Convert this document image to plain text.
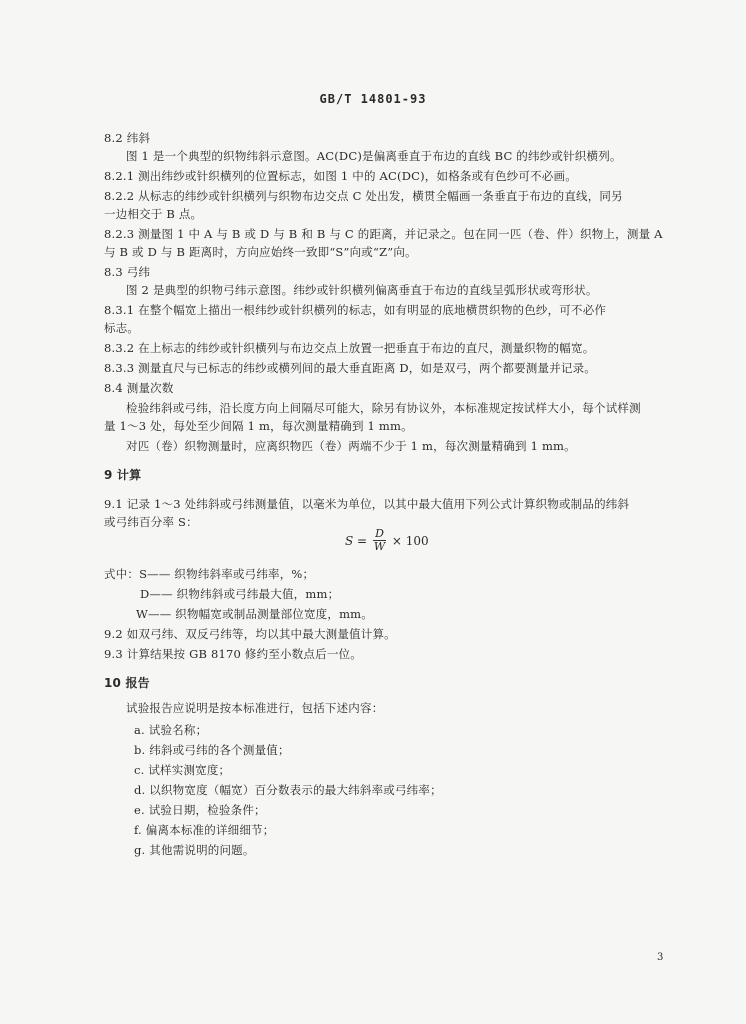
GB/T 14801-93
8.2 纬斜
图 1 是一个典型的织物纬斜示意图。AC(DC)是偏离垂直于布边的直线 BC 的纬纱或针织横列。
8.2.1 测出纬纱或针织横列的位置标志，如图 1 中的 AC(DC)，如格条或有色纱可不必画。
8.2.2 从标志的纬纱或针织横列与织物布边交点 C 处出发，横贯全幅画一条垂直于布边的直线，同另
一边相交于 B 点。
8.2.3 测量图 1 中 A 与 B 或 D 与 B 和 B 与 C 的距离，并记录之。包在同一匹（卷、件）织物上，测量 A
与 B 或 D 与 B 距离时，方向应始终一致即“S”向或“Z”向。
8.3 弓纬
图 2 是典型的织物弓纬示意图。纬纱或针织横列偏离垂直于布边的直线呈弧形状或弯形状。
8.3.1 在整个幅宽上描出一根纬纱或针织横列的标志，如有明显的底地横贯织物的色纱，可不必作
标志。
8.3.2 在上标志的纬纱或针织横列与布边交点上放置一把垂直于布边的直尺，测量织物的幅宽。
8.3.3 测量直尺与已标志的纬纱或横列间的最大垂直距离 D，如是双弓，两个都要测量并记录。
8.4 测量次数
检验纬斜或弓纬，沿长度方向上间隔尽可能大，除另有协议外，本标准规定按试样大小，每个试样测
量 1～3 处，每处至少间隔 1 m，每次测量精确到 1 mm。
对匹（卷）织物测量时，应离织物匹（卷）两端不少于 1 m，每次测量精确到 1 mm。
9 计算
9.1 记录 1～3 处纬斜或弓纬测量值，以毫米为单位，以其中最大值用下列公式计算织物或制品的纬斜
或弓纬百分率 S：
式中：S—— 织物纬斜率或弓纬率，%；
D—— 织物纬斜或弓纬最大值，mm；
W—— 织物幅宽或制品测量部位宽度，mm。
9.2 如双弓纬、双反弓纬等，均以其中最大测量值计算。
9.3 计算结果按 GB 8170 修约至小数点后一位。
10 报告
试验报告应说明是按本标准进行，包括下述内容：
a. 试验名称；
b. 纬斜或弓纬的各个测量值；
c. 试样实测宽度；
d. 以织物宽度（幅宽）百分数表示的最大纬斜率或弓纬率；
e. 试验日期，检验条件；
f. 偏离本标准的详细细节；
g. 其他需说明的问题。
$S = \frac{D}{W} \times 100$
3
